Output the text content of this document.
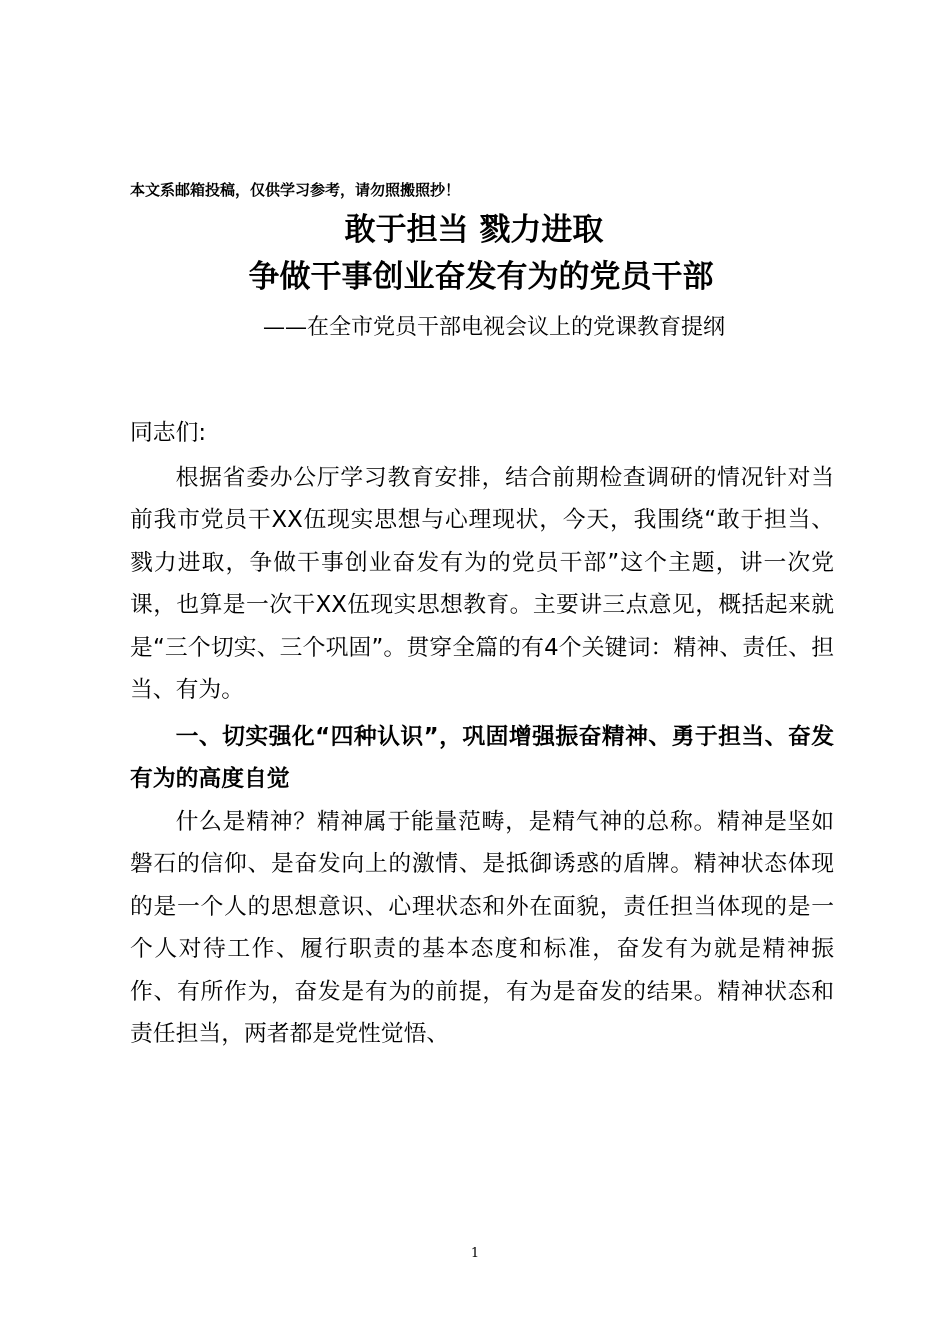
本文系邮箱投稿，仅供学习参考，请勿照搬照抄！
敢于担当 戮力进取
争做干事创业奋发有为的党员干部
——在全市党员干部电视会议上的党课教育提纲

同志们:

根据省委办公厅学习教育安排，结合前期检查调研的情况针对当前我市党员干XX伍现实思想与心理现状，今天，我围绕“敢于担当、戮力进取，争做干事创业奋发有为的党员干部”这个主题，讲一次党课，也算是一次干XX伍现实思想教育。主要讲三点意见，概括起来就是“三个切实、三个巩固”。贯穿全篇的有4个关键词：精神、责任、担当、有为。

一、切实强化“四种认识”，巩固增强振奋精神、勇于担当、奋发有为的高度自觉

什么是精神？精神属于能量范畴，是精气神的总称。精神是坚如磐石的信仰、是奋发向上的激情、是抵御诱惑的盾牌。精神状态体现的是一个人的思想意识、心理状态和外在面貌，责任担当体现的是一个人对待工作、履行职责的基本态度和标准，奋发有为就是精神振作、有所作为，奋发是有为的前提，有为是奋发的结果。精神状态和责任担当，两者都是党性觉悟、

1
